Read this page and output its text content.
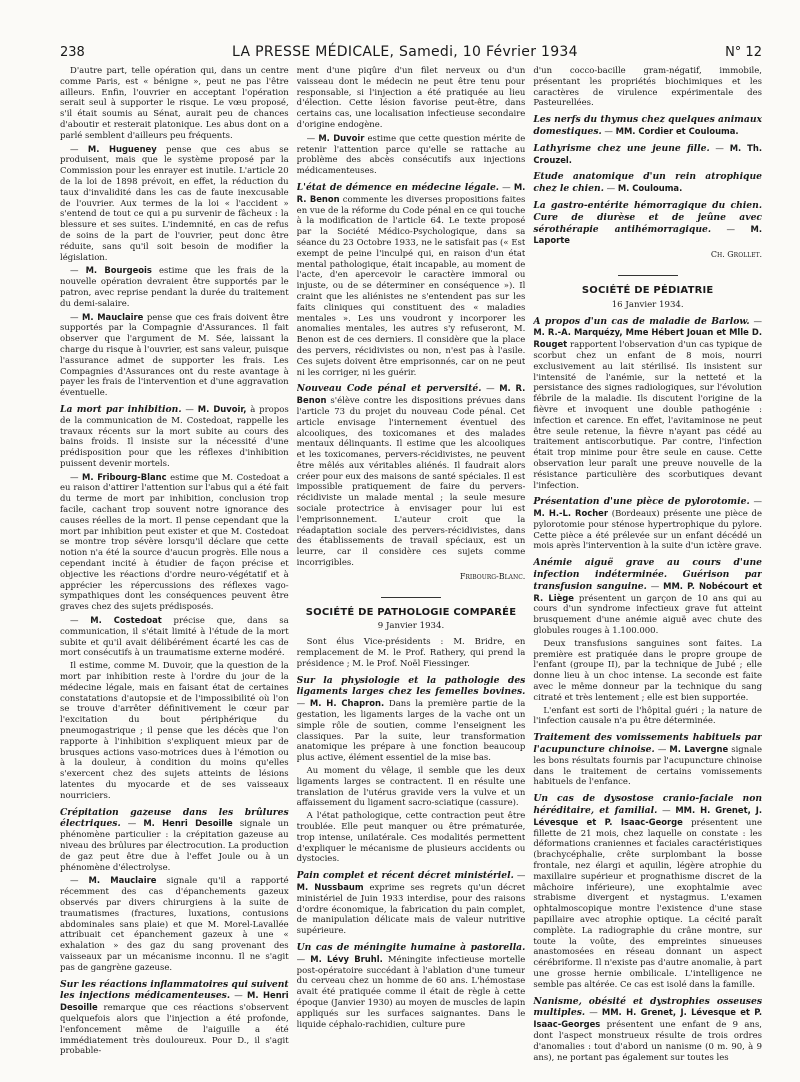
238	LA PRESSE MÉDICALE, Samedi, 10 Février 1934	N° 12

D'autre part, telle opération qui, dans un centre comme Paris, est « bénigne », peut ne pas l'être ailleurs. Enfin, l'ouvrier en acceptant l'opération serait seul à supporter le risque. Le vœu proposé, s'il était soumis au Sénat, aurait peu de chances d'aboutir et resterait platonique. Les abus dont on a parlé semblent d'ailleurs peu fréquents.

— M. Hugueney pense que ces abus se produisent, mais que le système proposé par la Commission pour les enrayer est inutile. L'article 20 de la loi de 1898 prévoit, en effet, la réduction du taux d'invalidité dans les cas de faute inexcusable de l'ouvrier. Aux termes de la loi « l'accident » s'entend de tout ce qui a pu survenir de fâcheux : la blessure et ses suites. L'indemnité, en cas de refus de soins de la part de l'ouvrier, peut donc être réduite, sans qu'il soit besoin de modifier la législation.

— M. Bourgeois estime que les frais de la nouvelle opération devraient être supportés par le patron, avec reprise pendant la durée du traitement du demi-salaire.

— M. Mauclaire pense que ces frais doivent être supportés par la Compagnie d'Assurances. Il fait observer que l'argument de M. Sée, laissant la charge du risque à l'ouvrier, est sans valeur, puisque l'assurance admet de supporter les frais. Les Compagnies d'Assurances ont du reste avantage à payer les frais de l'intervention et d'une aggravation éventuelle.

La mort par inhibition. — M. Duvoir, à propos de la communication de M. Costedoat, rappelle les travaux récents sur la mort subite au cours des bains froids. Il insiste sur la nécessité d'une prédisposition pour que les réflexes d'inhibition puissent devenir mortels.

— M. Fribourg-Blanc estime que M. Costedoat a eu raison d'attirer l'attention sur l'abus qui a été fait du terme de mort par inhibition, conclusion trop facile, cachant trop souvent notre ignorance des causes réelles de la mort. Il pense cependant que la mort par inhibition peut exister et que M. Costedoat se montre trop sévère lorsqu'il déclare que cette notion n'a été la source d'aucun progrès. Elle nous a cependant incité à étudier de façon précise et objective les réactions d'ordre neuro-végétatif et à apprécier les répercussions des réflexes vago-sympathiques dont les conséquences peuvent être graves chez des sujets prédisposés.

— M. Costedoat précise que, dans sa communication, il s'était limité à l'étude de la mort subite et qu'il avait délibérément écarté les cas de mort consécutifs à un traumatisme externe modéré.

Il estime, comme M. Duvoir, que la question de la mort par inhibition reste à l'ordre du jour de la médecine légale, mais en faisant état de certaines constatations d'autopsie et de l'impossibilité où l'on se trouve d'arrêter définitivement le cœur par l'excitation du bout périphérique du pneumogastrique ; il pense que les décès que l'on rapporte à l'inhibition s'expliquent mieux par de brusques actions vaso-motrices dues à l'émotion ou à la douleur, à condition du moins qu'elles s'exercent chez des sujets atteints de lésions latentes du myocarde et de ses vaisseaux nourriciers.

Crépitation gazeuse dans les brûlures électriques. — M. Henri Desoille signale un phénomène particulier : la crépitation gazeuse au niveau des brûlures par électrocution. La production de gaz peut être due à l'effet Joule ou à un phénomène d'électrolyse.

— M. Mauclaire signale qu'il a rapporté récemment des cas d'épanchements gazeux observés par divers chirurgiens à la suite de traumatismes (fractures, luxations, contusions abdominales sans plaie) et que M. Morel-Lavallée attribuait cet épanchement gazeux à une « exhalation » des gaz du sang provenant des vaisseaux par un mécanisme inconnu. Il ne s'agit pas de gangrène gazeuse.

Sur les réactions inflammatoires qui suivent les injections médicamenteuses. — M. Henri Desoille remarque que ces réactions s'observent quelquefois alors que l'injection a été profonde, l'enfoncement même de l'aiguille a été immédiatement très douloureux. Pour D., il s'agit probable-

ment d'une piqûre d'un filet nerveux ou d'un vaisseau dont le médecin ne peut être tenu pour responsable, si l'injection a été pratiquée au lieu d'élection. Cette lésion favorise peut-être, dans certains cas, une localisation infectieuse secondaire d'origine endogène.

— M. Duvoir estime que cette question mérite de retenir l'attention parce qu'elle se rattache au problème des abcès consécutifs aux injections médicamenteuses.

L'état de démence en médecine légale. — M. R. Benon commente les diverses propositions faites en vue de la réforme du Code pénal en ce qui touche à la modification de l'article 64. Le texte proposé par la Société Médico-Psychologique, dans sa séance du 23 Octobre 1933, ne le satisfait pas (« Est exempt de peine l'inculpé qui, en raison d'un état mental pathologique, était incapable, au moment de l'acte, d'en apercevoir le caractère immoral ou injuste, ou de se déterminer en conséquence »). Il craint que les aliénistes ne s'entendent pas sur les faits cliniques qui constituent des « maladies mentales ». Les uns voudront y incorporer les anomalies mentales, les autres s'y refuseront, M. Benon est de ces derniers. Il considère que la place des pervers, récidivistes ou non, n'est pas à l'asile. Ces sujets doivent être emprisonnés, car on ne peut ni les corriger, ni les guérir.

Nouveau Code pénal et perversité. — M. R. Benon s'élève contre les dispositions prévues dans l'article 73 du projet du nouveau Code pénal. Cet article envisage l'internement éventuel des alcooliques, des toxicomanes et des malades mentaux délinquants. Il estime que les alcooliques et les toxicomanes, pervers-récidivistes, ne peuvent être mêlés aux véritables aliénés. Il faudrait alors créer pour eux des maisons de santé spéciales. Il est impossible pratiquement de faire du pervers-récidiviste un malade mental ; la seule mesure sociale protectrice à envisager pour lui est l'emprisonnement. L'auteur croit que la réadaptation sociale des pervers-récidivistes, dans des établissements de travail spéciaux, est un leurre, car il considère ces sujets comme incorrigibles.

Fribourg-Blanc.
SOCIÉTÉ DE PATHOLOGIE COMPARÉE
9 Janvier 1934.

Sont élus Vice-présidents : M. Bridre, en remplacement de M. le Prof. Rathery, qui prend la présidence ; M. le Prof. Noël Fiessinger.

Sur la physiologie et la pathologie des ligaments larges chez les femelles bovines. — M. H. Chapron. Dans la première partie de la gestation, les ligaments larges de la vache ont un simple rôle de soutien, comme l'enseignent les classiques. Par la suite, leur transformation anatomique les prépare à une fonction beaucoup plus active, élément essentiel de la mise bas.

Au moment du vêlage, il semble que les deux ligaments larges se contractent. Il en résulte une translation de l'utérus gravide vers la vulve et un affaissement du ligament sacro-sciatique (cassure).

A l'état pathologique, cette contraction peut être troublée. Elle peut manquer ou être prématurée, trop intense, unilatérale. Ces modalités permettent d'expliquer le mécanisme de plusieurs accidents ou dystocies.

Pain complet et récent décret ministériel. — M. Nussbaum exprime ses regrets qu'un décret ministériel de Juin 1933 interdise, pour des raisons d'ordre économique, la fabrication du pain complet, de manipulation délicate mais de valeur nutritive supérieure.

Un cas de méningite humaine à pastorella. — M. Lévy Bruhl. Méningite infectieuse mortelle post-opératoire succédant à l'ablation d'une tumeur du cerveau chez un homme de 60 ans. L'hémostase avait été pratiquée comme il était de règle à cette époque (Janvier 1930) au moyen de muscles de lapin appliqués sur les surfaces saignantes. Dans le liquide céphalo-rachidien, culture pure

d'un cocco-bacille gram-négatif, immobile, présentant les propriétés biochimiques et les caractères de virulence expérimentale des Pasteurellées.

Les nerfs du thymus chez quelques animaux domestiques. — MM. Cordier et Coulouma.

Lathyrisme chez une jeune fille. — M. Th. Crouzel.

Etude anatomique d'un rein atrophique chez le chien. — M. Coulouma.

La gastro-entérite hémorragique du chien. Cure de diurèse et de jeûne avec sérothérapie antihémorragique. — M. Laporte

Ch. Grollet.
SOCIÉTÉ DE PÉDIATRIE
16 Janvier 1934.

A propos d'un cas de maladie de Barlow. — M. R.-A. Marquézy, Mme Hébert Jouan et Mlle D. Rouget rapportent l'observation d'un cas typique de scorbut chez un enfant de 8 mois, nourri exclusivement au lait stérilisé. Ils insistent sur l'intensité de l'anémie, sur la netteté et la persistance des signes radiologiques, sur l'évolution fébrile de la maladie. Ils discutent l'origine de la fièvre et invoquent une double pathogénie : infection et carence. En effet, l'avitaminose ne peut être seule retenue, la fièvre n'ayant pas cédé au traitement antiscorbutique. Par contre, l'infection était trop minime pour être seule en cause. Cette observation leur paraît une preuve nouvelle de la résistance particulière des scorbutiques devant l'infection.

Présentation d'une pièce de pylorotomie. — M. H.-L. Rocher (Bordeaux) présente une pièce de pylorotomie pour sténose hypertrophique du pylore. Cette pièce a été prélevée sur un enfant décédé un mois après l'intervention à la suite d'un ictère grave.

Anémie aiguë grave au cours d'une infection indéterminée. Guérison par transfusion sanguine. — MM. P. Nobécourt et R. Liège présentent un garçon de 10 ans qui au cours d'un syndrome infectieux grave fut atteint brusquement d'une anémie aiguë avec chute des globules rouges à 1.100.000.

Deux transfusions sanguines sont faites. La première est pratiquée dans le propre groupe de l'enfant (groupe II), par la technique de Jubé ; elle donne lieu à un choc intense. La seconde est faite avec le même donneur par la technique du sang citraté et très lentement ; elle est bien supportée.

L'enfant est sorti de l'hôpital guéri ; la nature de l'infection causale n'a pu être déterminée.

Traitement des vomissements habituels par l'acupuncture chinoise. — M. Lavergne signale les bons résultats fournis par l'acupuncture chinoise dans le traitement de certains vomissements habituels de l'enfance.

Un cas de dysostose cranio-faciale non héréditaire, et familial. — MM. H. Grenet, J. Lévesque et P. Isaac-George présentent une fillette de 21 mois, chez laquelle on constate : les déformations craniennes et faciales caractéristiques (brachycéphalie, crête surplombant la bosse frontale, nez élargi et aquilin, légère atrophie du maxillaire supérieur et prognathisme discret de la mâchoire inférieure), une exophtalmie avec strabisme divergent et nystagmus. L'examen ophtalmoscopique montre l'existence d'une stase papillaire avec atrophie optique. La cécité paraît complète. La radiographie du crâne montre, sur toute la voûte, des empreintes sinueuses anastomosées en réseau donnant un aspect cérébriforme. Il n'existe pas d'autre anomalie, à part une grosse hernie ombilicale. L'intelligence ne semble pas altérée. Ce cas est isolé dans la famille.

Nanisme, obésité et dystrophies osseuses multiples. — MM. H. Grenet, J. Lévesque et P. Isaac-Georges présentent une enfant de 9 ans, dont l'aspect monstrueux résulte de trois ordres d'anomalies : tout d'abord un nanisme (0 m. 90, à 9 ans), ne portant pas également sur toutes les
